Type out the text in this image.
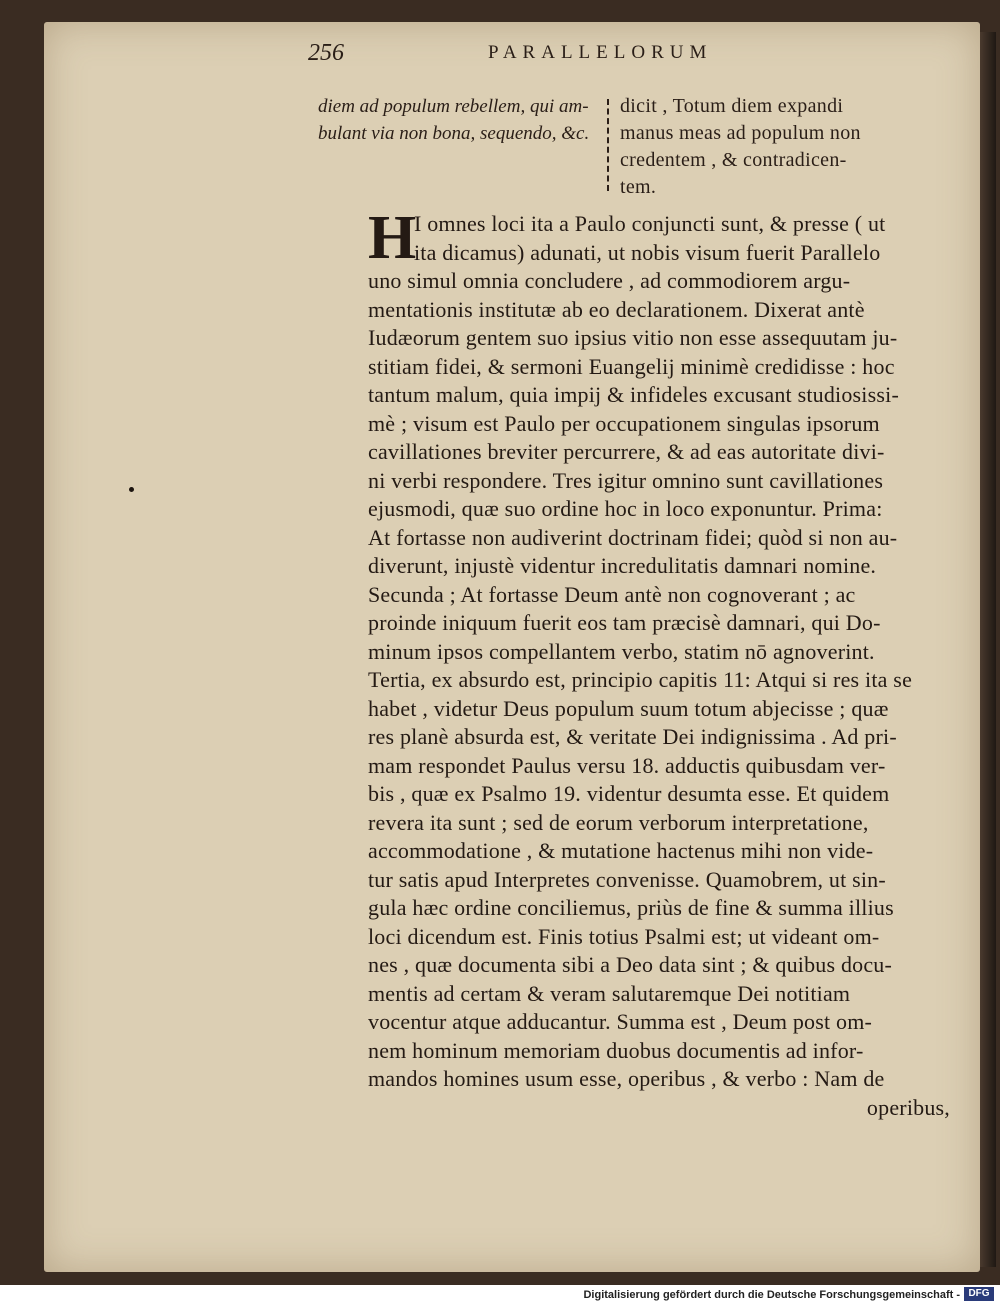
256	PARALLELORUM
diem ad populum rebellem, qui am-
bulant via non bona, sequendo, &c.
dicit , Totum diem expandi
manus meas ad populum non
credentem , & contradicen-
tem.
H
I omnes loci ita a Paulo conjuncti sunt, & presse ( ut
ita dicamus) adunati, ut nobis visum fuerit Parallelo
uno simul omnia concludere , ad commodiorem argu-
mentationis institutæ ab eo declarationem. Dixerat antè
Iudæorum gentem suo ipsius vitio non esse assequutam ju-
stitiam fidei, & sermoni Euangelij minimè credidisse : hoc
tantum malum, quia impij & infideles excusant studiosissi-
mè ; visum est Paulo per occupationem singulas ipsorum
cavillationes breviter percurrere, & ad eas autoritate divi-
ni verbi respondere. Tres igitur omnino sunt cavillationes
ejusmodi, quæ suo ordine hoc in loco exponuntur. Prima:
At fortasse non audiverint doctrinam fidei; quòd si non au-
diverunt, injustè videntur incredulitatis damnari nomine.
Secunda ; At fortasse Deum antè non cognoverant ; ac
proinde iniquum fuerit eos tam præcisè damnari, qui Do-
minum ipsos compellantem verbo, statim nō agnoverint.
Tertia, ex absurdo est, principio capitis 11: Atqui si res ita se
habet , videtur Deus populum suum totum abjecisse ; quæ
res planè absurda est, & veritate Dei indignissima . Ad pri-
mam respondet Paulus versu 18. adductis quibusdam ver-
bis , quæ ex Psalmo 19. videntur desumta esse. Et quidem
revera ita sunt ; sed de eorum verborum interpretatione,
accommodatione , & mutatione hactenus mihi non vide-
tur satis apud Interpretes convenisse. Quamobrem, ut sin-
gula hæc ordine conciliemus, priùs de fine & summa illius
loci dicendum est. Finis totius Psalmi est; ut videant om-
nes , quæ documenta sibi a Deo data sint ; & quibus docu-
mentis ad certam & veram salutaremque Dei notitiam
vocentur atque adducantur. Summa est , Deum post om-
nem hominum memoriam duobus documentis ad infor-
mandos homines usum esse, operibus , & verbo : Nam de
operibus,
Digitalisierung gefördert durch die Deutsche Forschungsgemeinschaft - DFG
